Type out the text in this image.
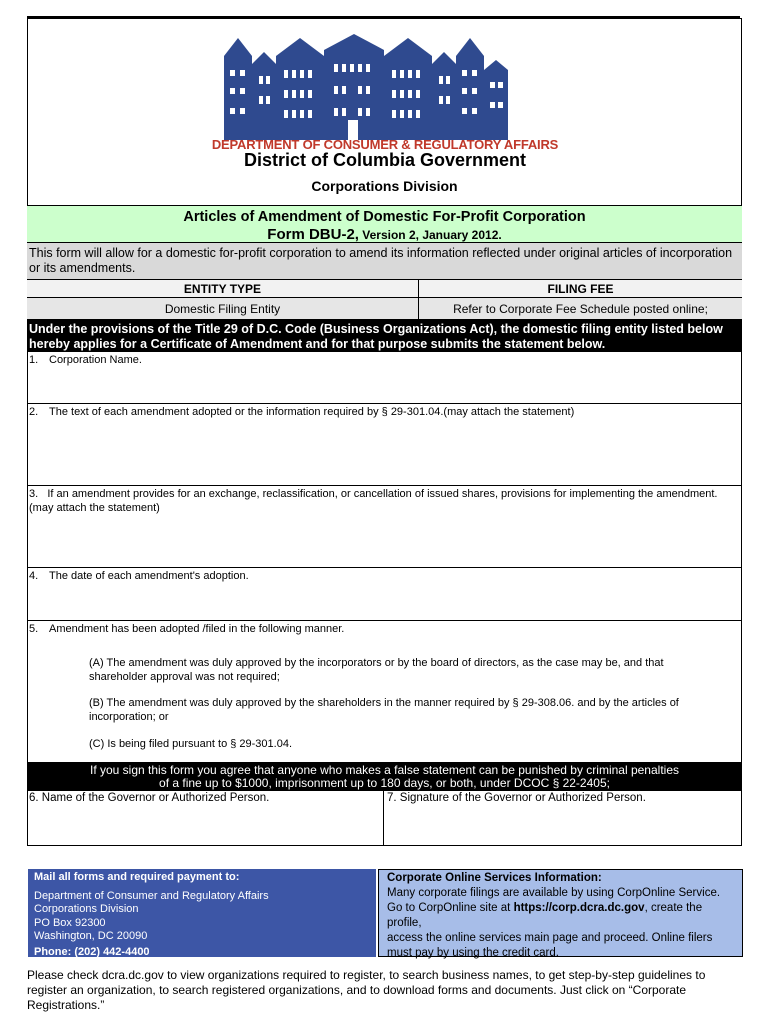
DEPARTMENT OF CONSUMER & REGULATORY AFFAIRS
District of Columbia Government
Corporations Division
Articles of Amendment of Domestic For-Profit Corporation
Form DBU-2, Version 2, January 2012.
This form will allow for a domestic for-profit corporation to amend its information reflected under original articles of incorporation or its amendments.
ENTITY TYPE	FILING FEE
Domestic Filing Entity	Refer to Corporate Fee Schedule posted online;
Under the provisions of the Title 29 of D.C. Code (Business Organizations Act), the domestic filing entity listed below hereby applies for a Certificate of Amendment and for that purpose submits the statement below.
1. Corporation Name.
2. The text of each amendment adopted or the information required by § 29-301.04.(may attach the statement)
3. If an amendment provides for an exchange, reclassification, or cancellation of issued shares, provisions for implementing the amendment. (may attach the statement)
4. The date of each amendment's adoption.
5. Amendment has been adopted /filed in the following manner.
(A) The amendment was duly approved by the incorporators or by the board of directors, as the case may be, and that shareholder approval was not required;
(B) The amendment was duly approved by the shareholders in the manner required by § 29-308.06. and by the articles of incorporation; or
(C) Is being filed pursuant to § 29-301.04.
If you sign this form you agree that anyone who makes a false statement can be punished by criminal penalties
of a fine up to $1000, imprisonment up to 180 days, or both, under DCOC § 22-2405;
6. Name of the Governor or Authorized Person.	7. Signature of the Governor or Authorized Person.
Mail all forms and required payment to:
Department of Consumer and Regulatory Affairs
Corporations Division
PO Box 92300
Washington, DC 20090
Phone: (202) 442-4400
Corporate Online Services Information:
Many corporate filings are available by using CorpOnline Service.
Go to CorpOnline site at https://corp.dcra.dc.gov, create the profile,
access the online services main page and proceed. Online filers must pay by using the credit card.
Please check dcra.dc.gov to view organizations required to register, to search business names, to get step-by-step guidelines to register an organization, to search registered organizations, and to download forms and documents. Just click on “Corporate Registrations.”
